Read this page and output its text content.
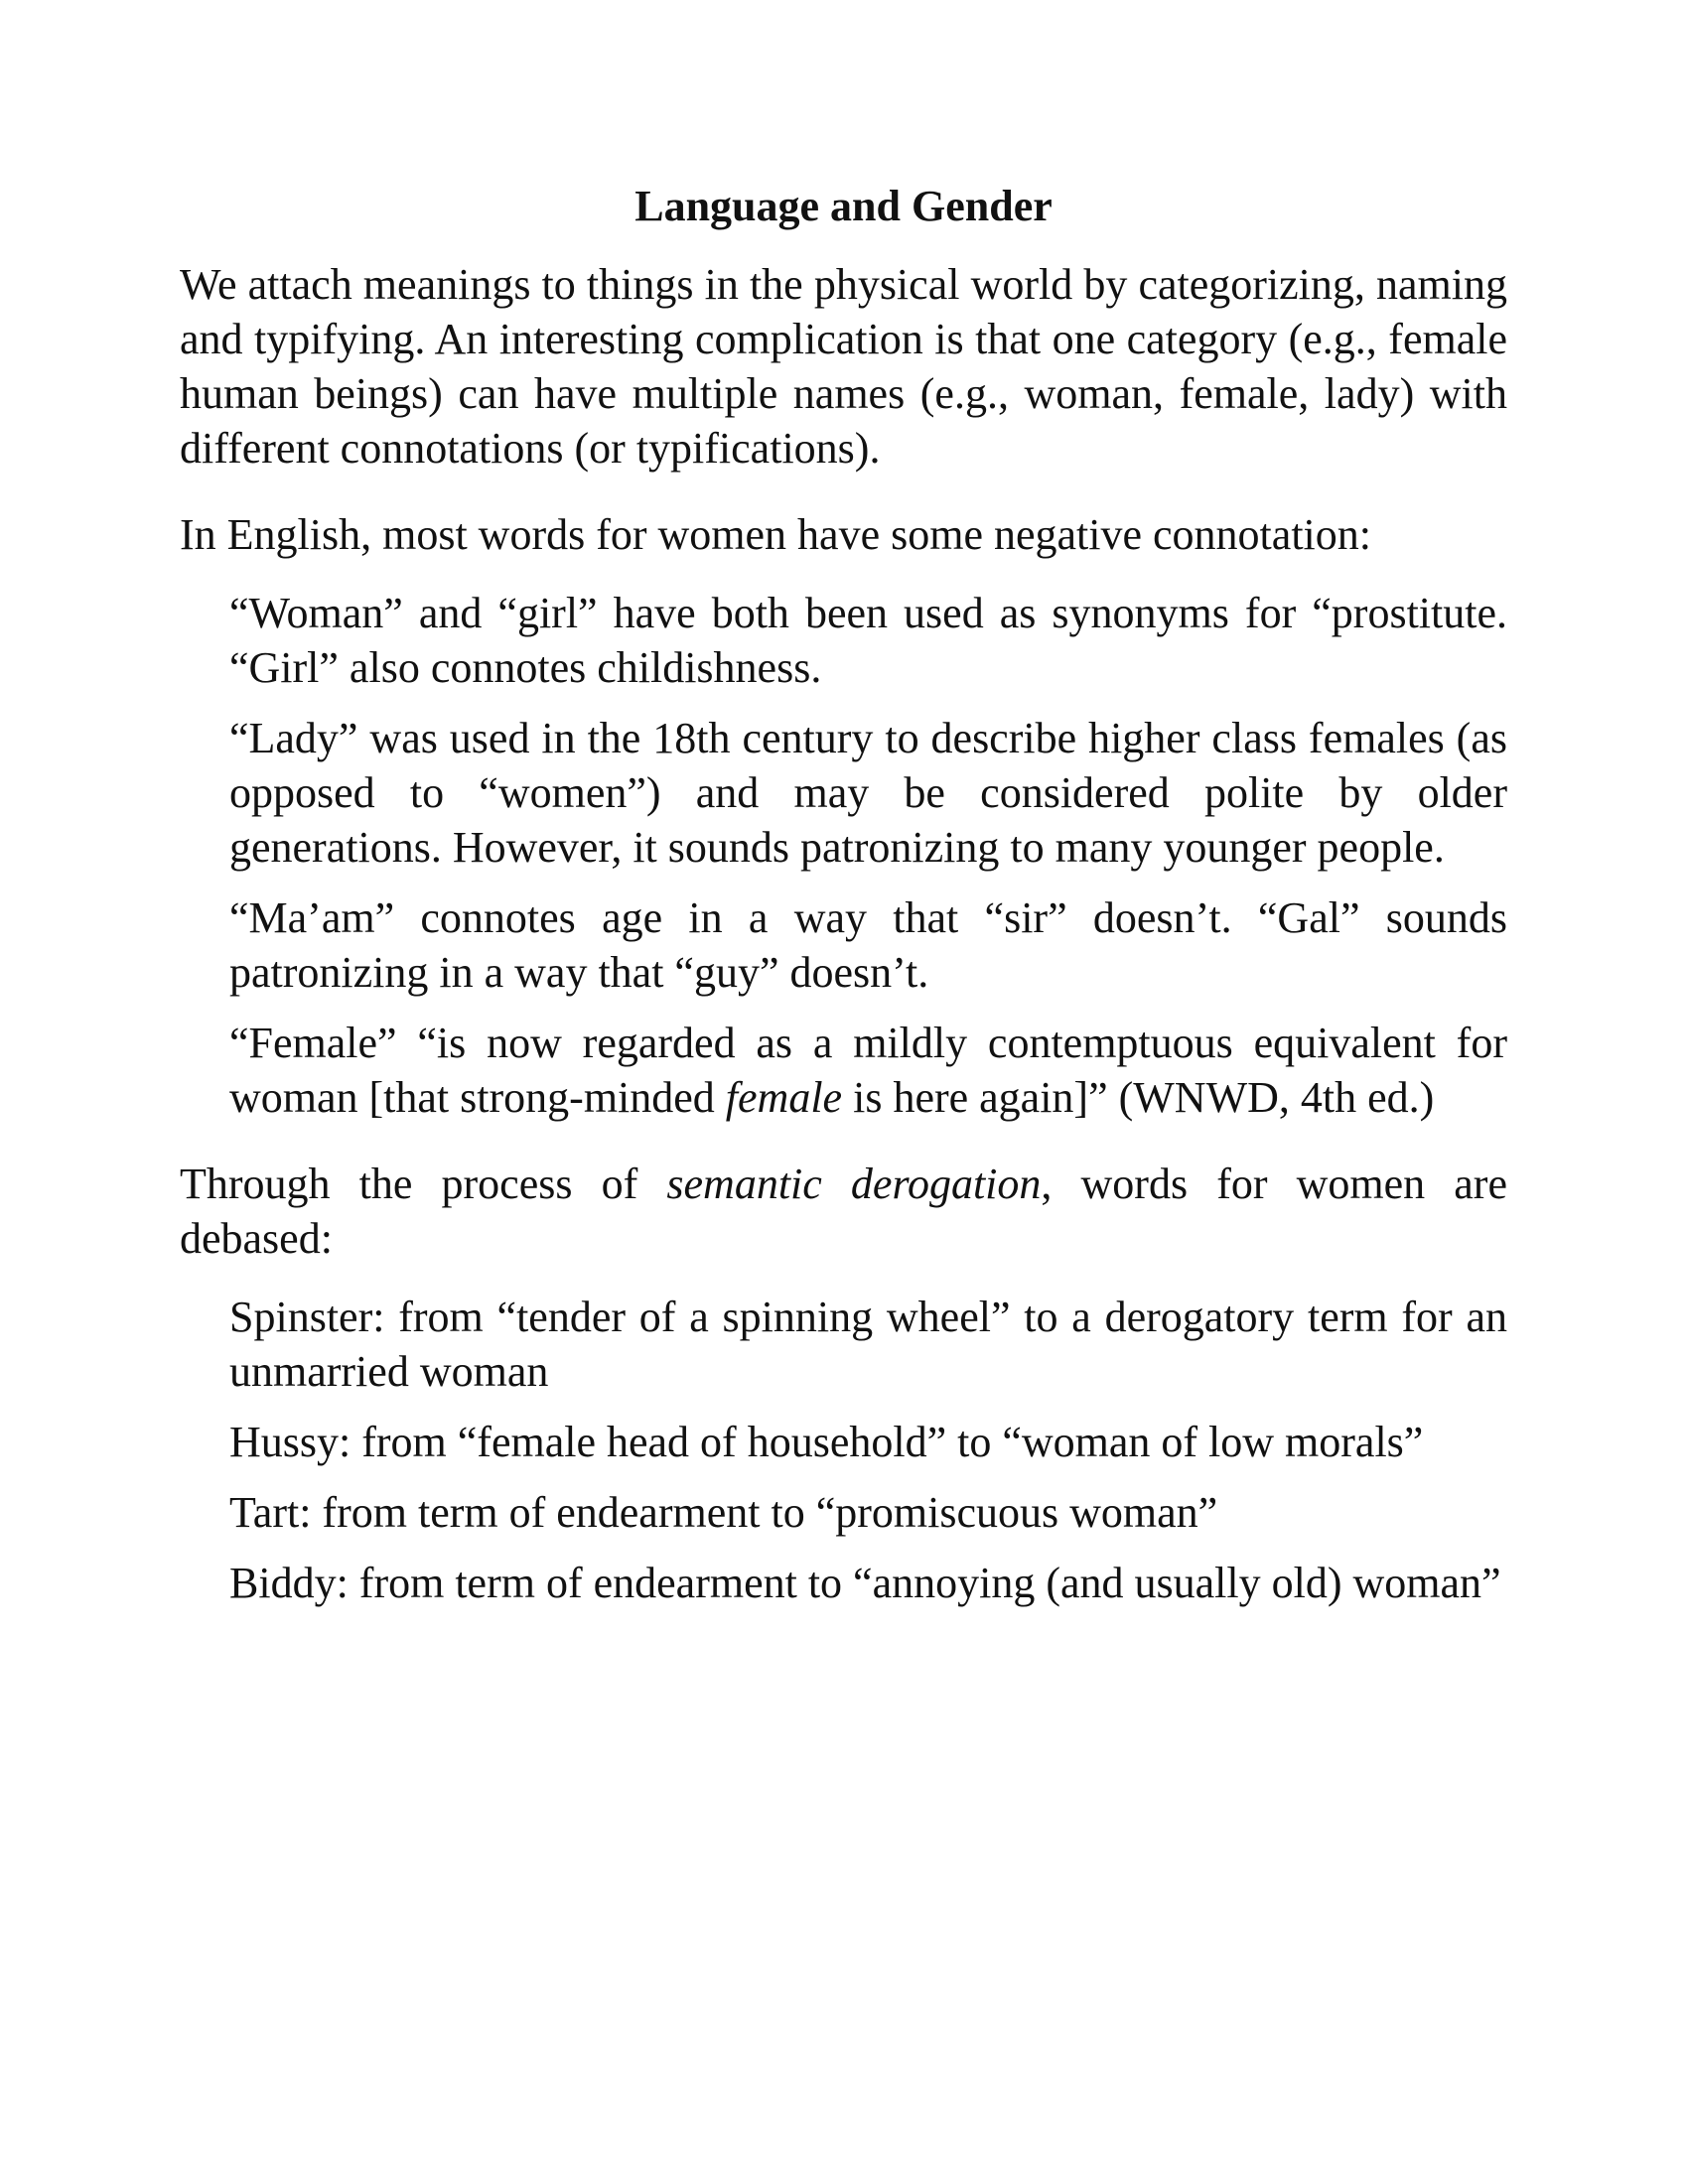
Language and Gender

We attach meanings to things in the physical world by categorizing, naming and typifying. An interesting complication is that one category (e.g., female human beings) can have multiple names (e.g., woman, female, lady) with different connotations (or typifications).

In English, most words for women have some negative connotation:

“Woman” and “girl” have both been used as synonyms for “prostitute. “Girl” also connotes childishness.

“Lady” was used in the 18th century to describe higher class females (as opposed to “women”) and may be considered polite by older generations. However, it sounds patronizing to many younger people.

“Ma’am” connotes age in a way that “sir” doesn’t. “Gal” sounds patronizing in a way that “guy” doesn’t.

“Female” “is now regarded as a mildly contemptuous equivalent for woman [that strong-minded female is here again]” (WNWD, 4th ed.)

Through the process of semantic derogation, words for women are debased:

Spinster: from “tender of a spinning wheel” to a derogatory term for an unmarried woman

Hussy: from “female head of household” to “woman of low morals”

Tart: from term of endearment to “promiscuous woman”

Biddy: from term of endearment to “annoying (and usually old) woman”
